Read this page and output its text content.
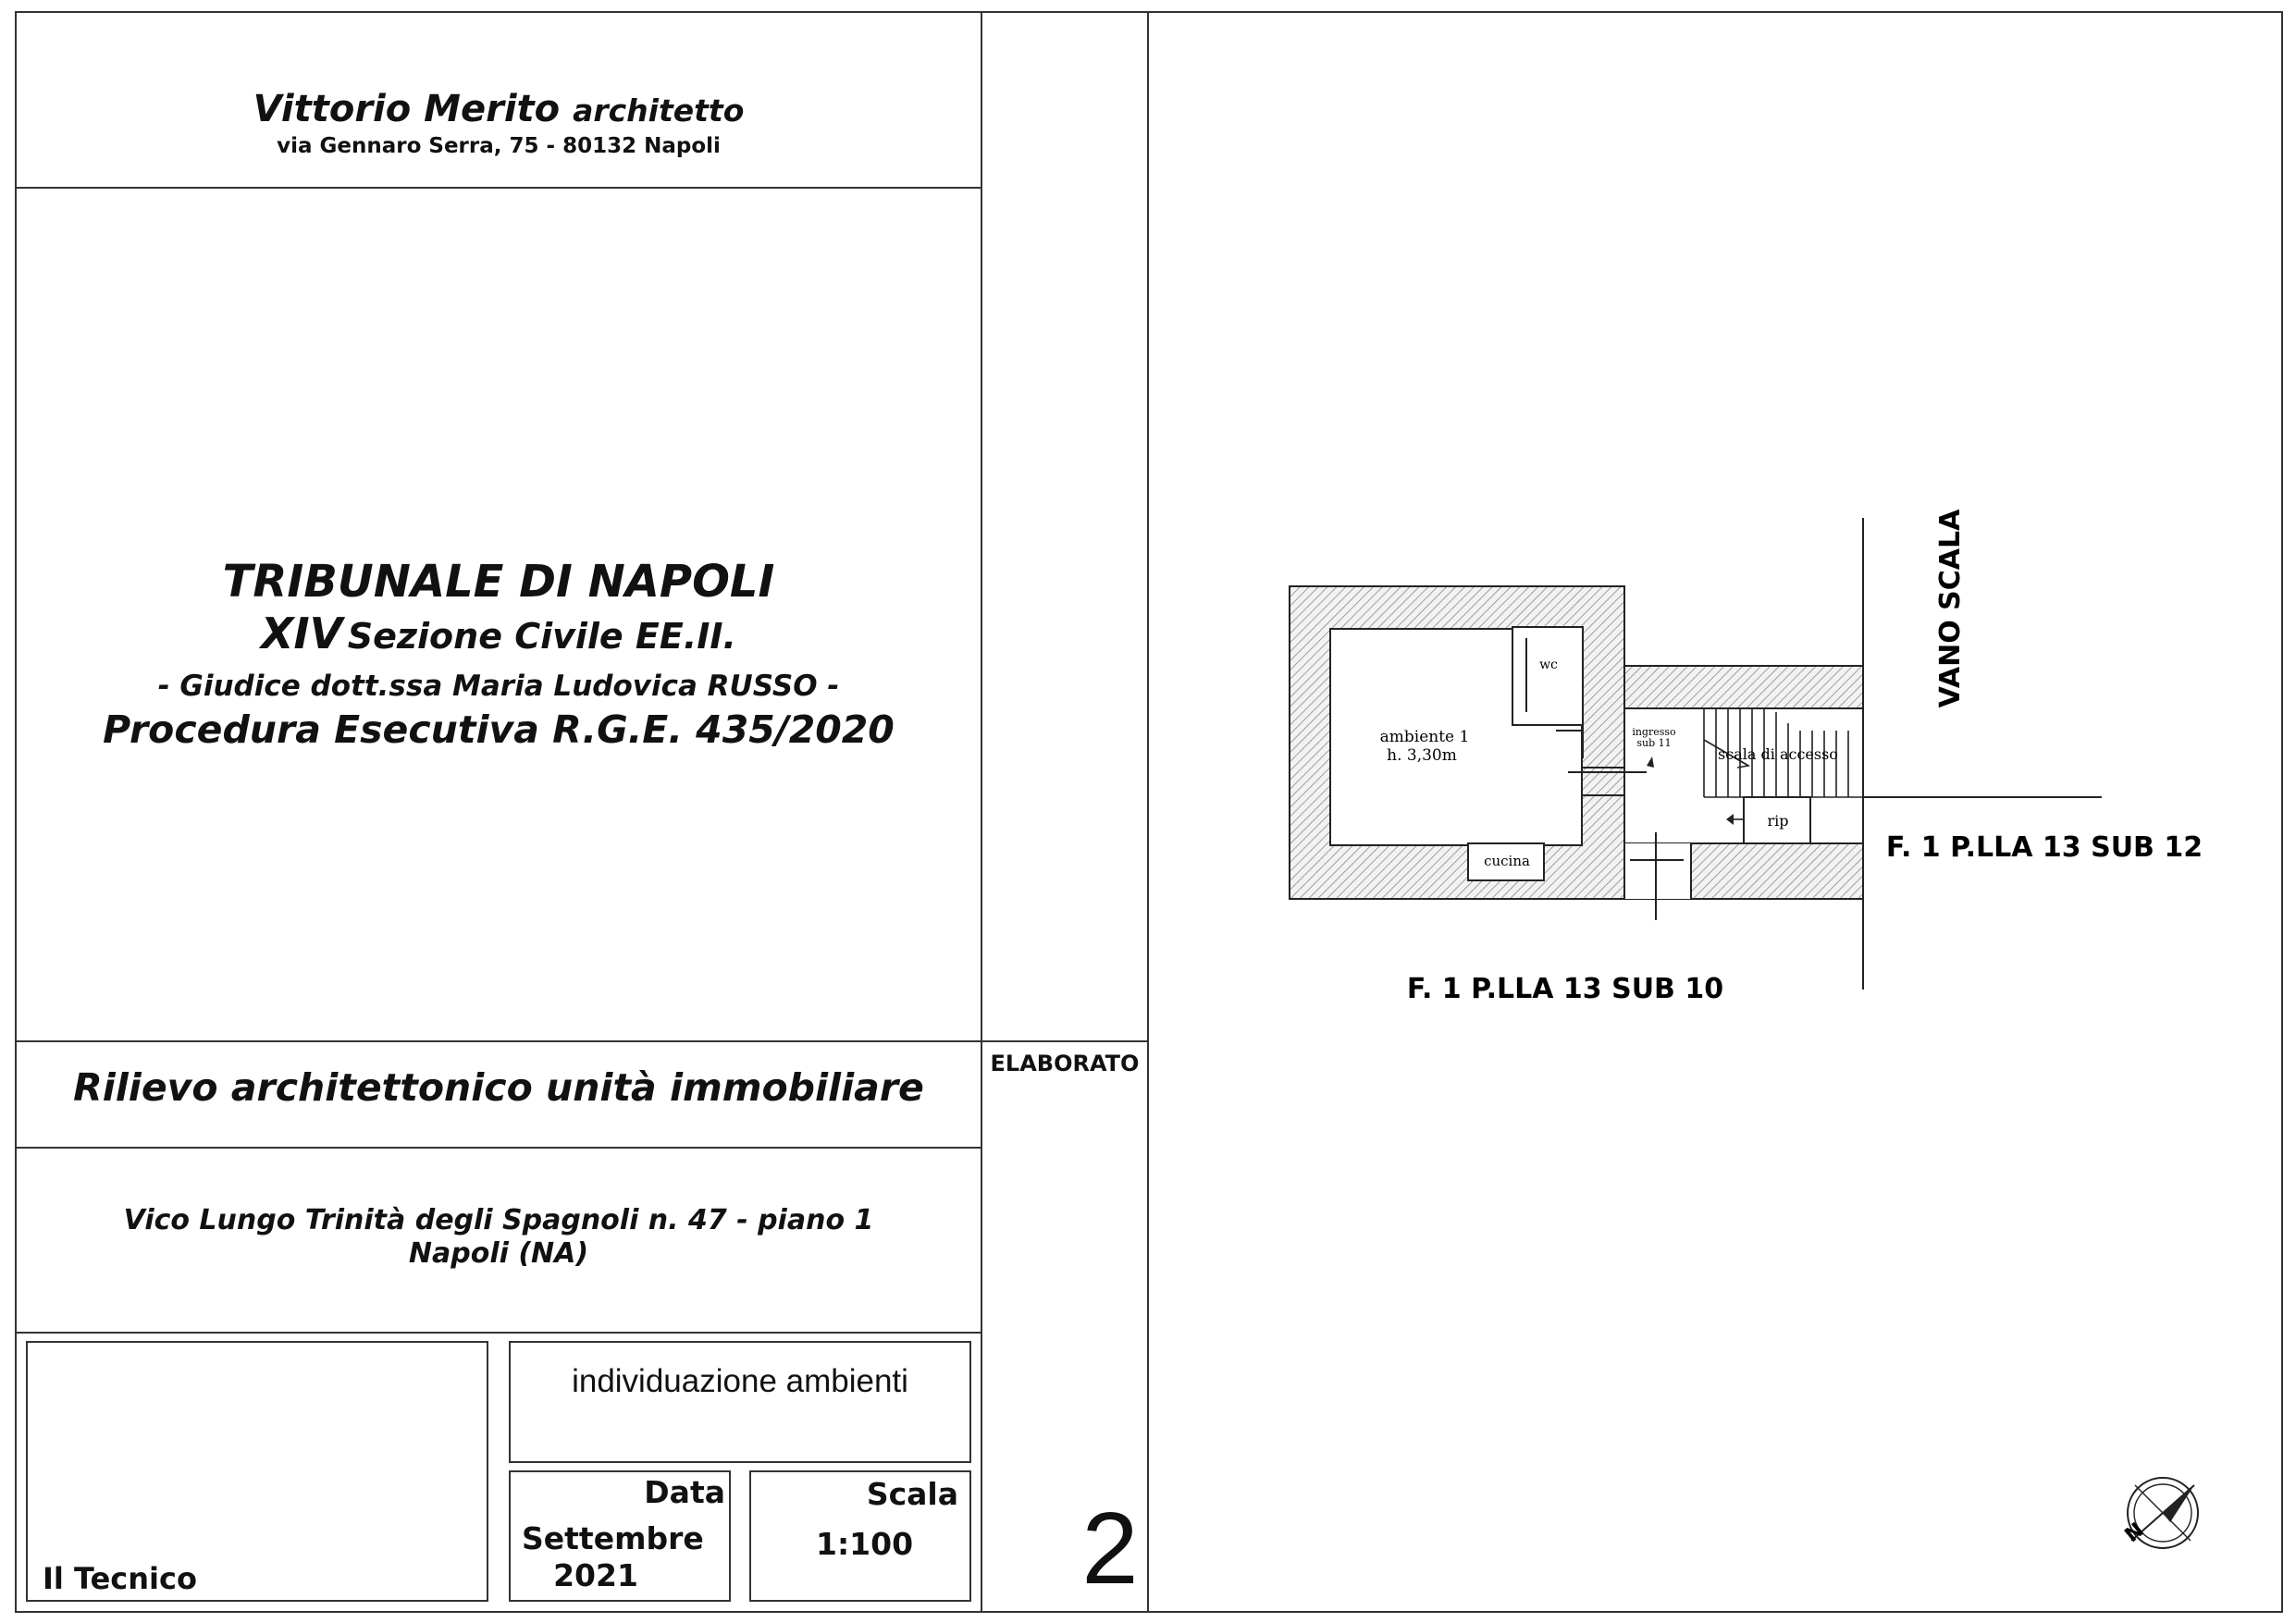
Vittorio Merito architetto
via Gennaro Serra, 75 - 80132 Napoli
TRIBUNALE DI NAPOLI
XIV Sezione Civile EE.II.
- Giudice dott.ssa Maria Ludovica RUSSO -
Procedura Esecutiva R.G.E. 435/2020
Rilievo architettonico unità immobiliare
Vico Lungo Trinità degli Spagnoli n. 47 - piano 1
Napoli (NA)
Il Tecnico
individuazione ambienti
Data
Settembre 2021
Scala
1:100
ELABORATO
2
ambiente 1
h. 3,30m
wc
cucina
ingresso
sub 11
scala di accesso
rip
VANO SCALA
F. 1 P.LLA 13 SUB 12
F. 1 P.LLA 13 SUB 10
N
